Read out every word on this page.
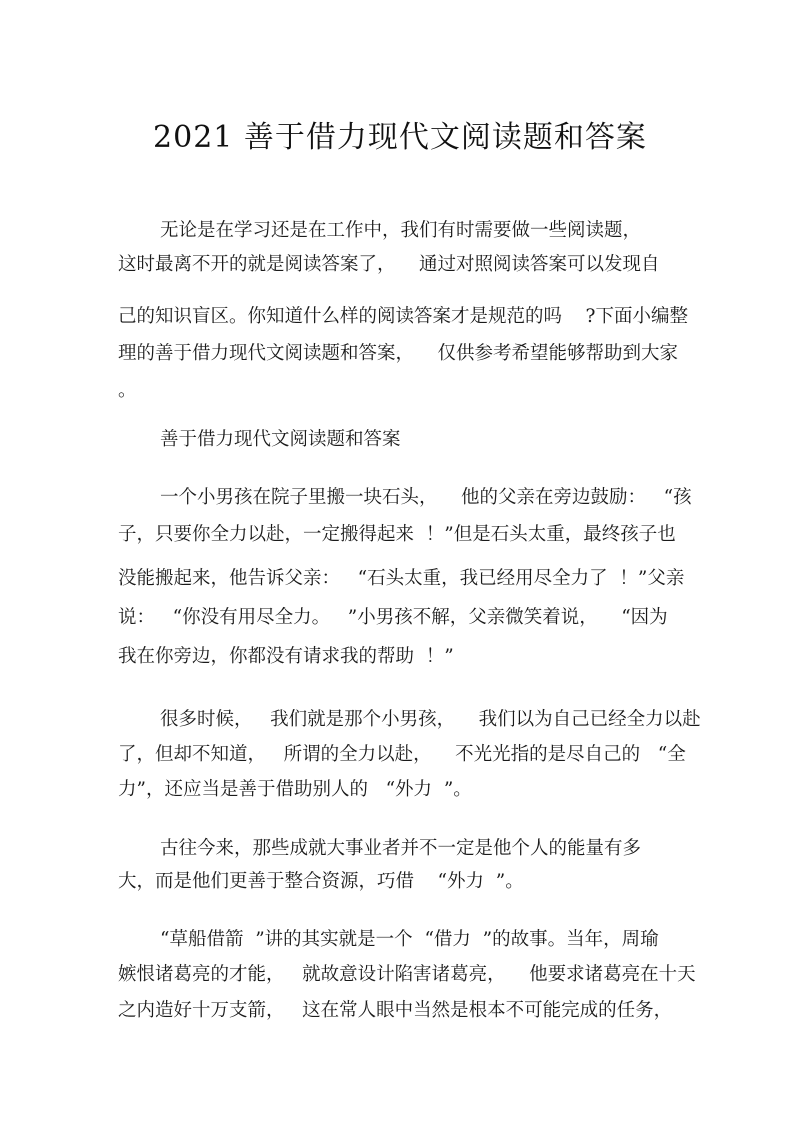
2021 善于借力现代文阅读题和答案
无论是在学习还是在工作中，我们有时需要做一些阅读题，
这时最离不开的就是阅读答案了，    通过对照阅读答案可以发现自
己的知识盲区。你知道什么样的阅读答案才是规范的吗    ?下面小编整
理的善于借力现代文阅读题和答案，    仅供参考希望能够帮助到大家
。
善于借力现代文阅读题和答案
一个小男孩在院子里搬一块石头，    他的父亲在旁边鼓励：   “孩
子，只要你全力以赴，一定搬得起来  ！”但是石头太重，最终孩子也
没能搬起来，他告诉父亲：   “石头太重，我已经用尽全力了  ！”父亲
说：   “你没有用尽全力。   ”小男孩不解，父亲微笑着说，    “因为
我在你旁边，你都没有请求我的帮助  ！”
很多时候，   我们就是那个小男孩，    我们以为自己已经全力以赴
了，但却不知道，   所谓的全力以赴，    不光光指的是尽自己的   “全
力”，还应当是善于借助别人的   “外力  ”。
古往今来，那些成就大事业者并不一定是他个人的能量有多
大，而是他们更善于整合资源，巧借    “外力  ”。
“草船借箭  ”讲的其实就是一个  “借力  ”的故事。当年，周瑜
嫉恨诸葛亮的才能，   就故意设计陷害诸葛亮，    他要求诸葛亮在十天
之内造好十万支箭，   这在常人眼中当然是根本不可能完成的任务，
